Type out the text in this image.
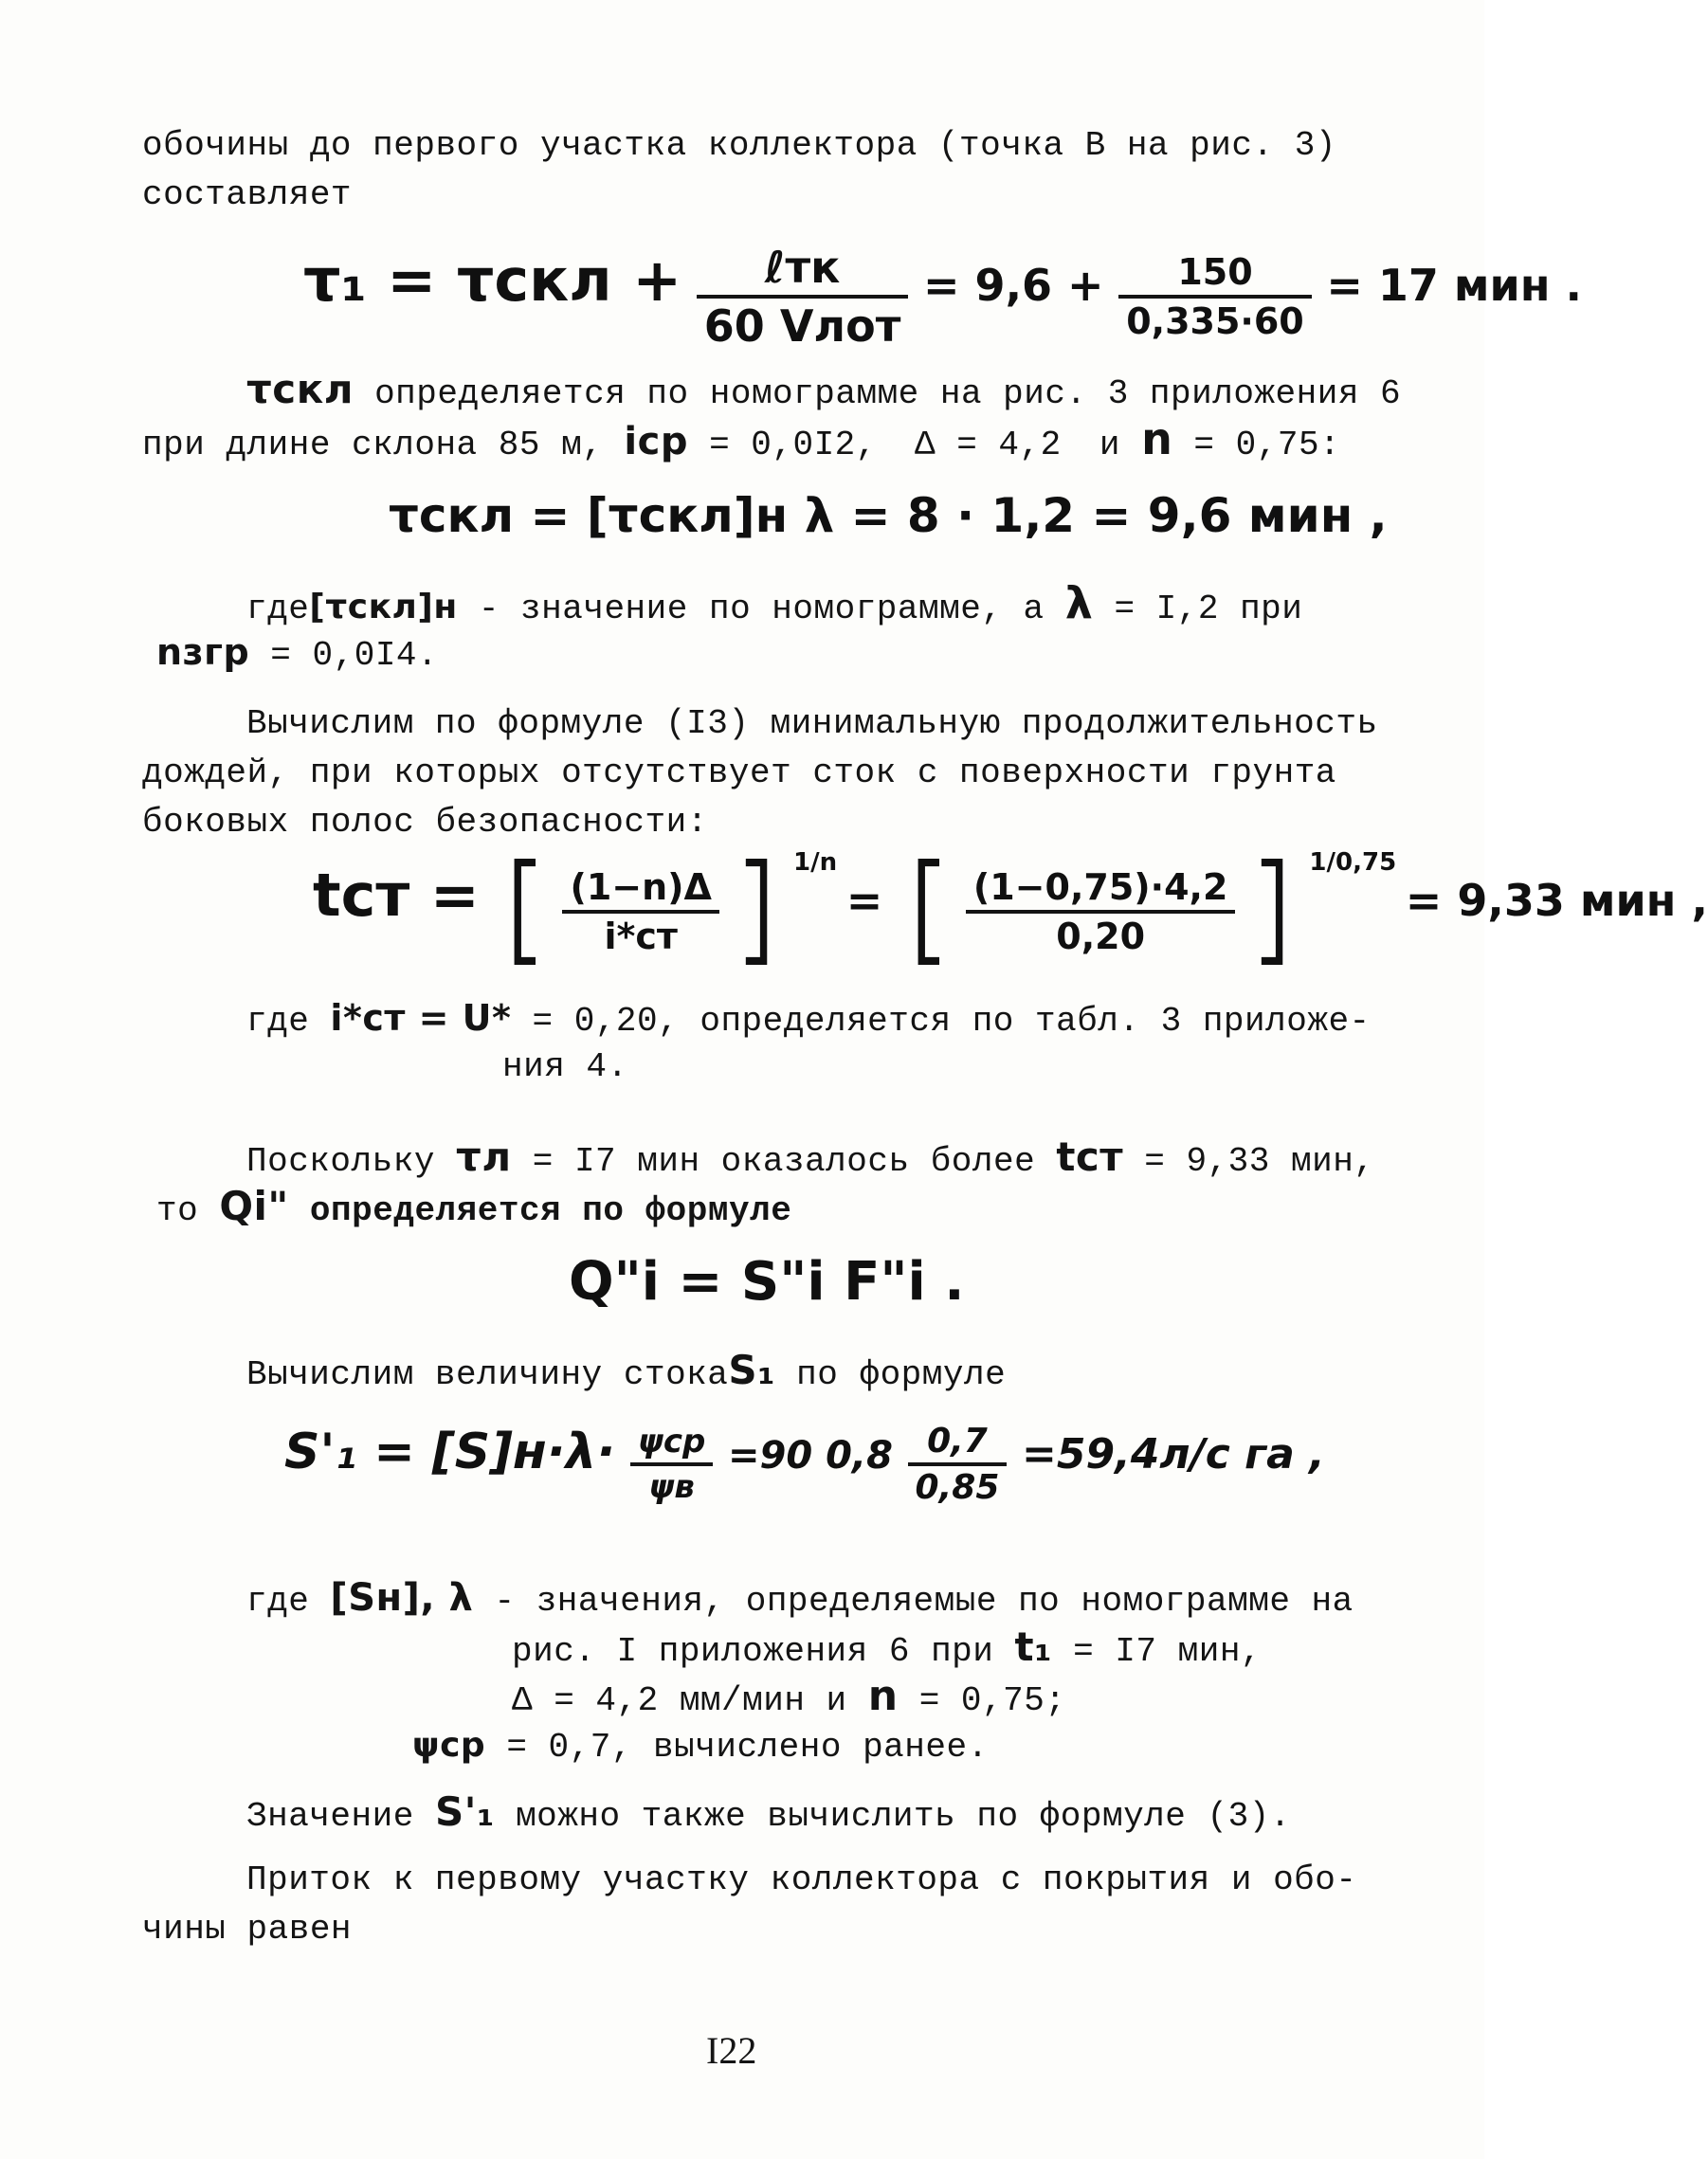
обочины до первого участка коллектора (точка В на рис. 3)
составляет
$\tau_1 = \tau скл + \frac{\text{ℓтк}}{\text{60 Vлот}} = 9,6 + \frac{150}{0,335\cdot 60} = 17$ мин .
τскл определяется по номограмме на рис. 3 приложения 6
при длине склона 85 м, iср = 0,0I2, Δ = 4,2 и n = 0,75:
τскл = [τскл]н λ = 8 · 1,2 = 9,6 мин ,
где[τскл]н - значение по номограмме, а λ = I,2 при
nзгр = 0,0I4.
Вычислим по формуле (I3) минимальную продолжительность
дождей, при которых отсутствует сток с поверхности грунта
боковых полос безопасности:
tст = [ $\frac{(1-n)\Delta}{i*ст}$ ] 1/n = [ $\frac{(1-0,75)\cdot 4,2}{0,20}$ ] 1/0,75 = 9,33 мин ,
где i*ст = U* = 0,20, определяется по табл. 3 приложе-
ния 4.
Поскольку τл = I7 мин оказалось более tст = 9,33 мин,
то Qi" определяется по формуле
Q"i = S"i F"i .
Вычислим величину стокаS₁ по формуле
$S'_1 = [S]н\cdot\lambda\cdot \frac{\text{ψср}}{\psi в} =90$ $0,8 \frac{0,7}{0,85} =59,4л/с$ га ,
где [Sн], λ - значения, определяемые по номограмме на
рис. I приложения 6 при t₁ = I7 мин,
Δ = 4,2 мм/мин и n = 0,75;
ψср = 0,7, вычислено ранее.
Значение S'₁ можно также вычислить по формуле (3).
Приток к первому участку коллектора с покрытия и обо-
чины равен
I22
